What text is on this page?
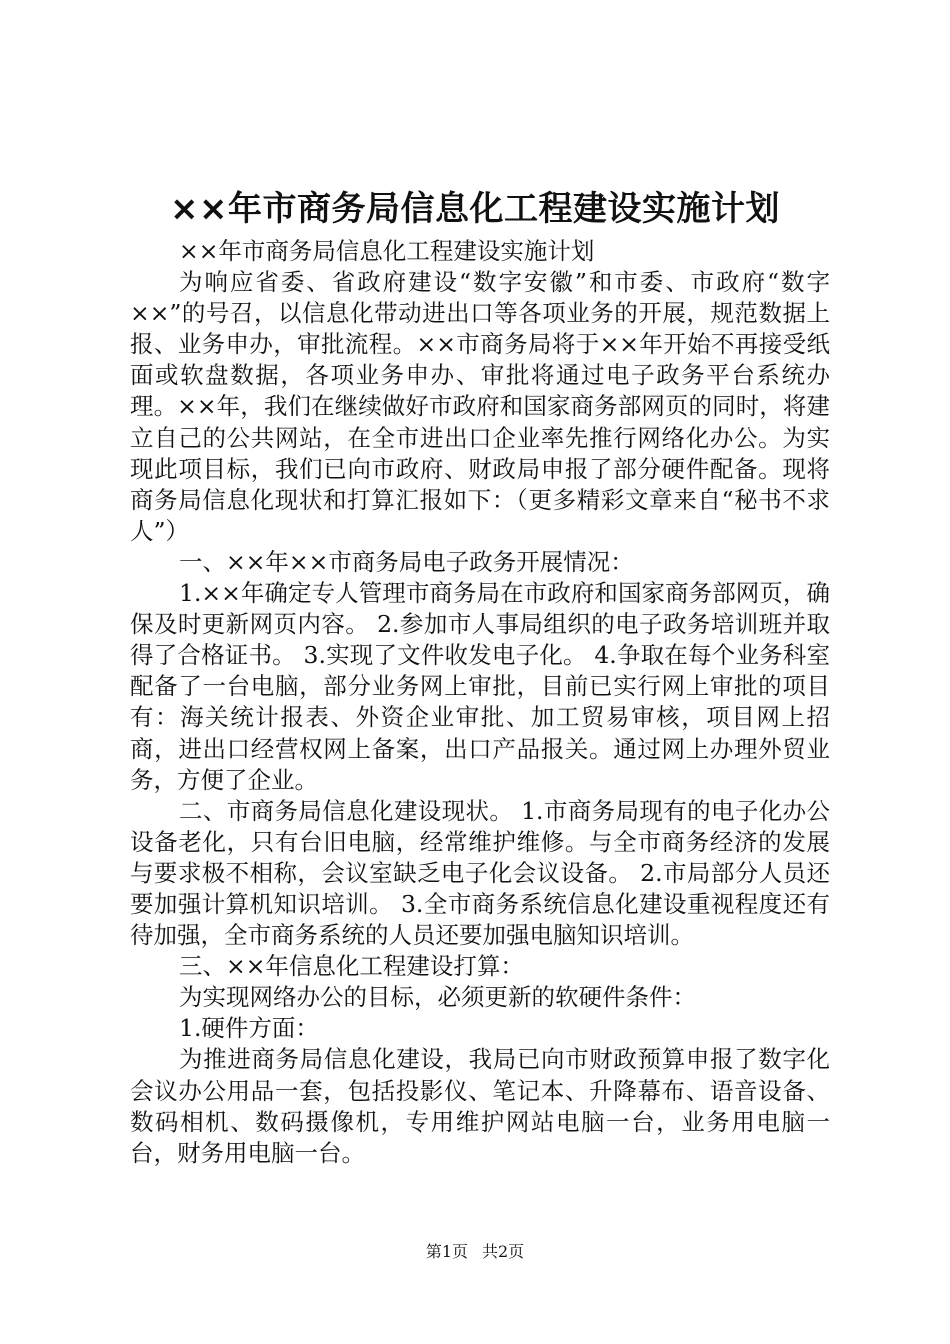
××年市商务局信息化工程建设实施计划

××年市商务局信息化工程建设实施计划

为响应省委、省政府建设“数字安徽”和市委、市政府“数字××”的号召，以信息化带动进出口等各项业务的开展，规范数据上报、业务申办，审批流程。××市商务局将于××年开始不再接受纸面或软盘数据，各项业务申办、审批将通过电子政务平台系统办理。××年，我们在继续做好市政府和国家商务部网页的同时，将建立自己的公共网站，在全市进出口企业率先推行网络化办公。为实现此项目标，我们已向市政府、财政局申报了部分硬件配备。现将商务局信息化现状和打算汇报如下：（更多精彩文章来自“秘书不求人”）

一、××年××市商务局电子政务开展情况：

1.××年确定专人管理市商务局在市政府和国家商务部网页，确保及时更新网页内容。 2.参加市人事局组织的电子政务培训班并取得了合格证书。 3.实现了文件收发电子化。 4.争取在每个业务科室配备了一台电脑，部分业务网上审批，目前已实行网上审批的项目有：海关统计报表、外资企业审批、加工贸易审核，项目网上招商，进出口经营权网上备案，出口产品报关。通过网上办理外贸业务，方便了企业。

二、市商务局信息化建设现状。 1.市商务局现有的电子化办公设备老化，只有台旧电脑，经常维护维修。与全市商务经济的发展与要求极不相称，会议室缺乏电子化会议设备。 2.市局部分人员还要加强计算机知识培训。 3.全市商务系统信息化建设重视程度还有待加强，全市商务系统的人员还要加强电脑知识培训。

三、××年信息化工程建设打算：

为实现网络办公的目标，必须更新的软硬件条件：

1.硬件方面：

为推进商务局信息化建设，我局已向市财政预算申报了数字化会议办公用品一套，包括投影仪、笔记本、升降幕布、语音设备、数码相机、数码摄像机，专用维护网站电脑一台，业务用电脑一台，财务用电脑一台。

第1页 共2页
